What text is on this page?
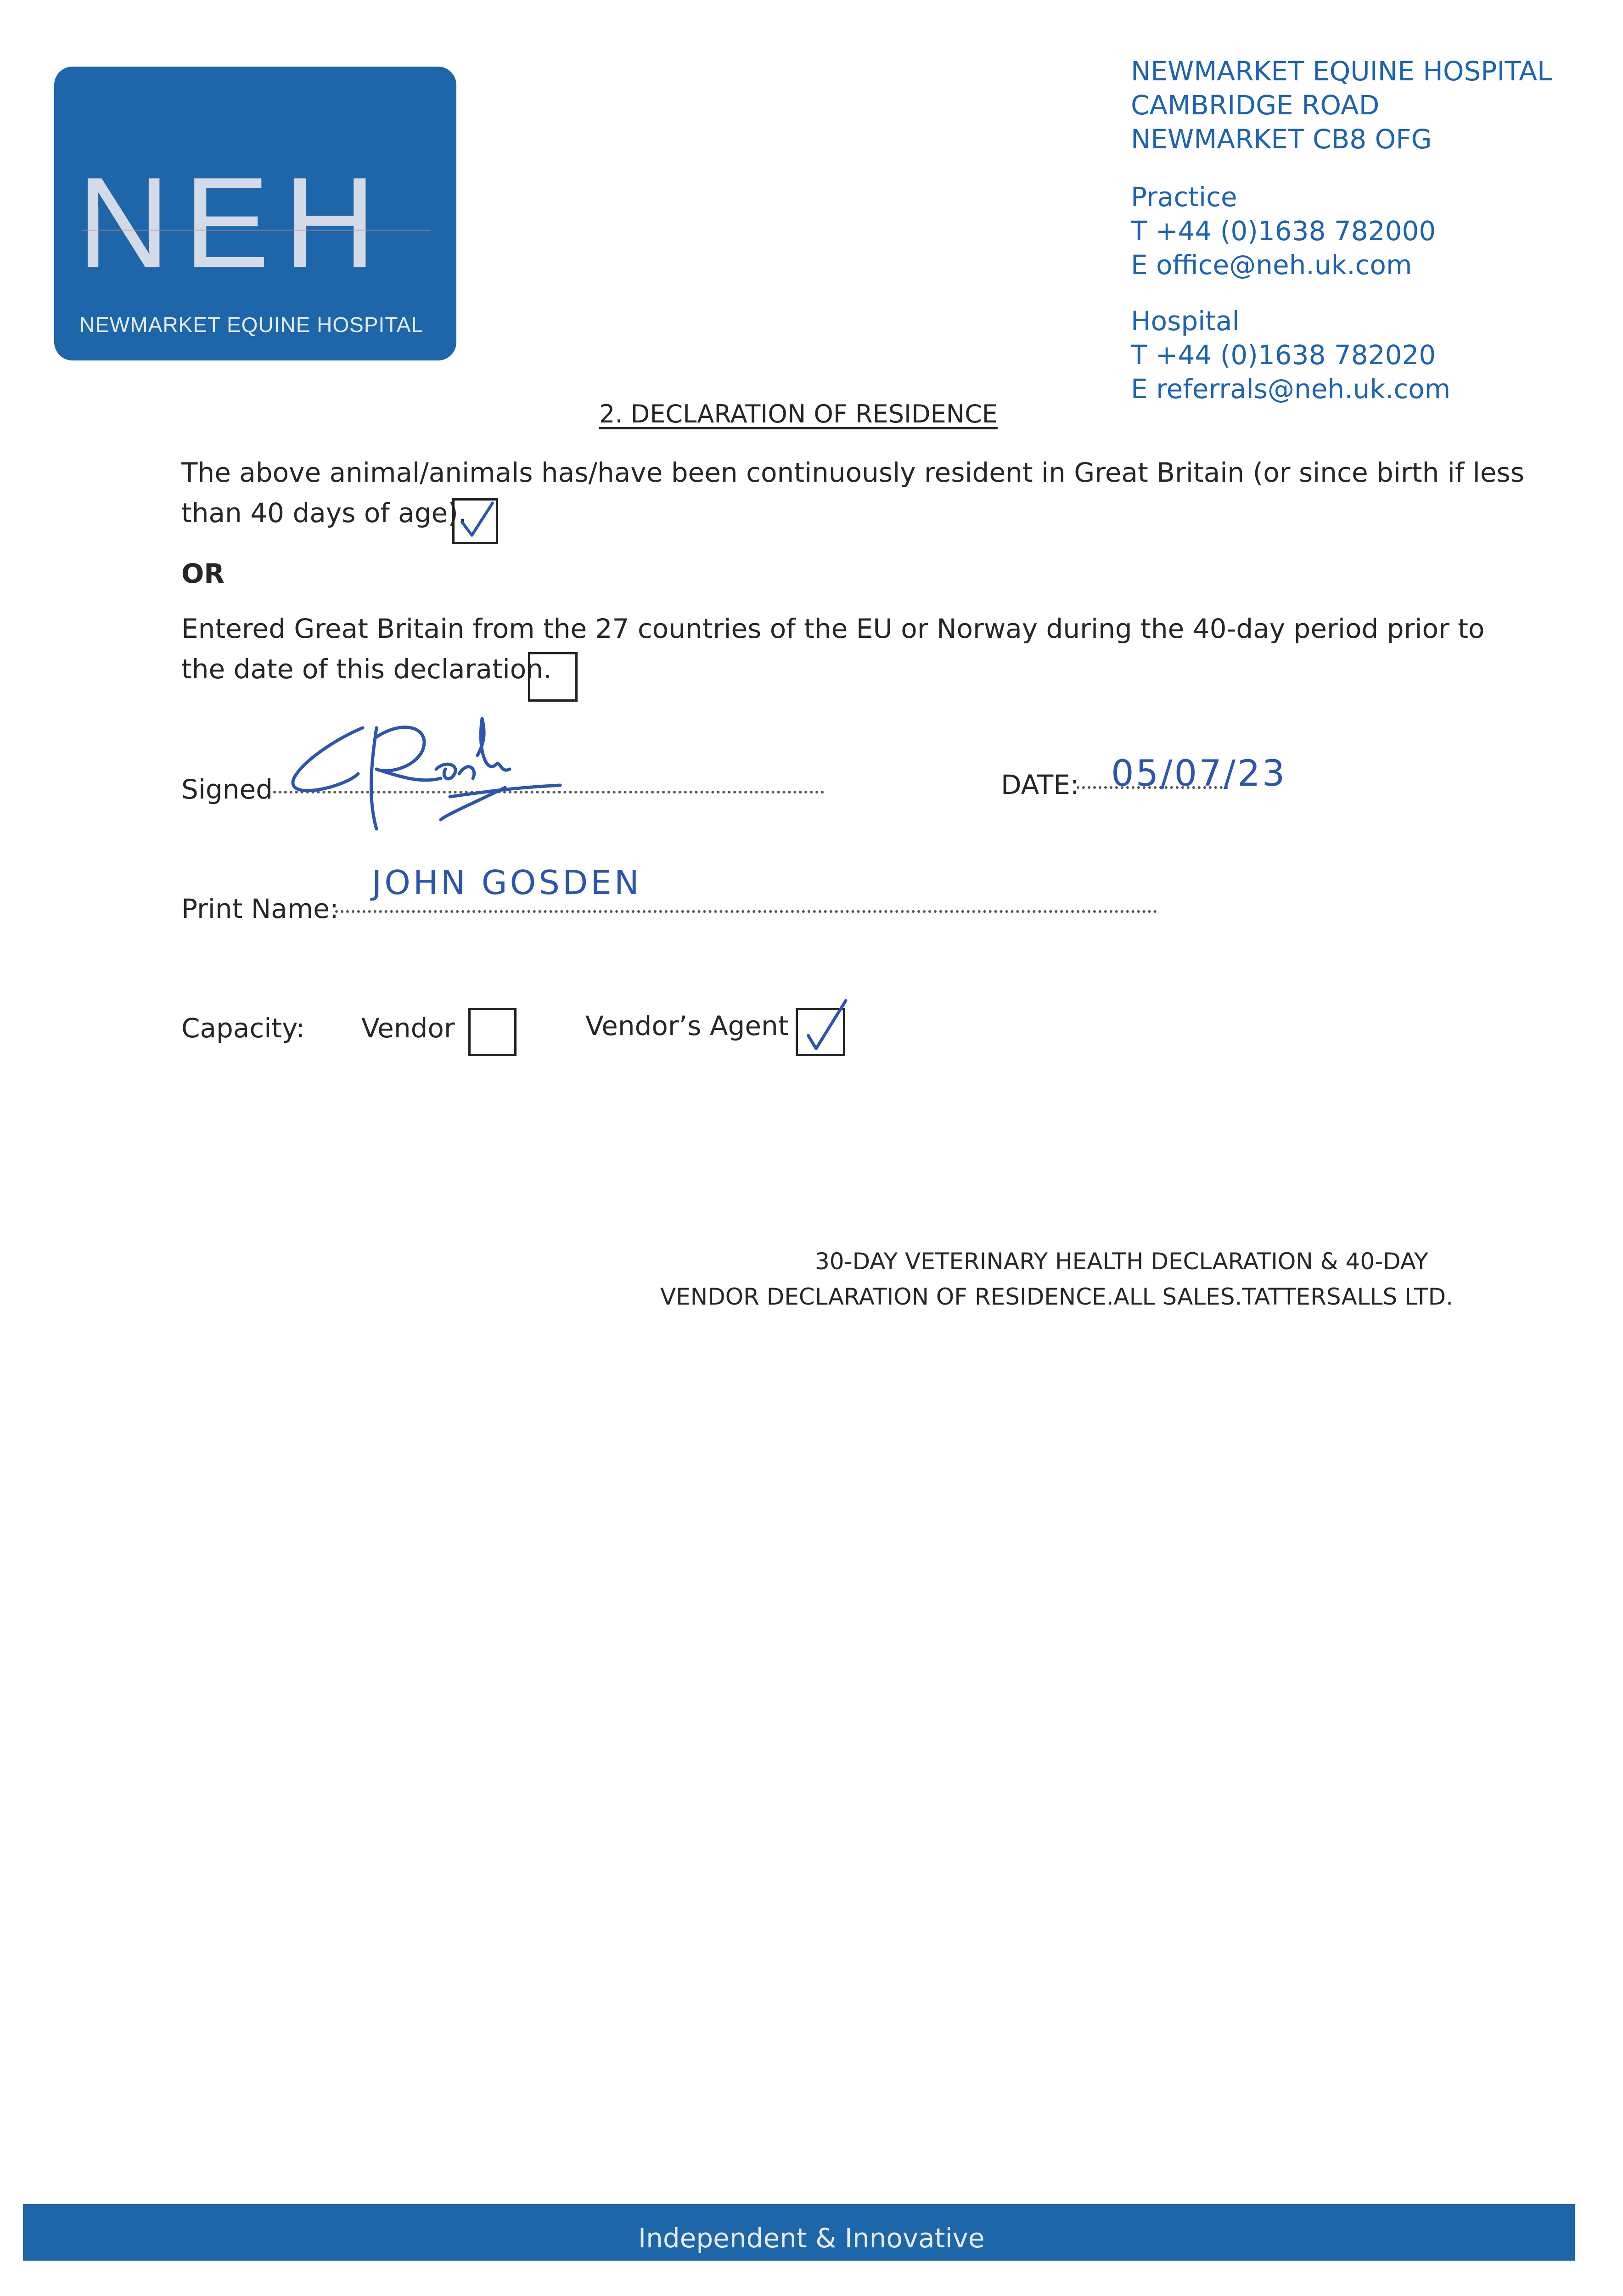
NEH
NEWMARKET EQUINE HOSPITAL
NEWMARKET EQUINE HOSPITAL
CAMBRIDGE ROAD
NEWMARKET CB8 OFG
Practice
T +44 (0)1638 782000
E office@neh.uk.com
Hospital
T +44 (0)1638 782020
E referrals@neh.uk.com
2. DECLARATION OF RESIDENCE
The above animal/animals has/have been continuously resident in Great Britain (or since birth if less
than 40 days of age).
OR
Entered Great Britain from the 27 countries of the EU or Norway during the 40-day period prior to
the date of this declaration.
Signed	DATE: 05/07/23
Print Name:
JOHN GOSDEN
Capacity: Vendor	Vendor’s Agent
30-DAY VETERINARY HEALTH DECLARATION & 40-DAY
VENDOR DECLARATION OF RESIDENCE.ALL SALES.TATTERSALLS LTD.
Independent & Innovative
